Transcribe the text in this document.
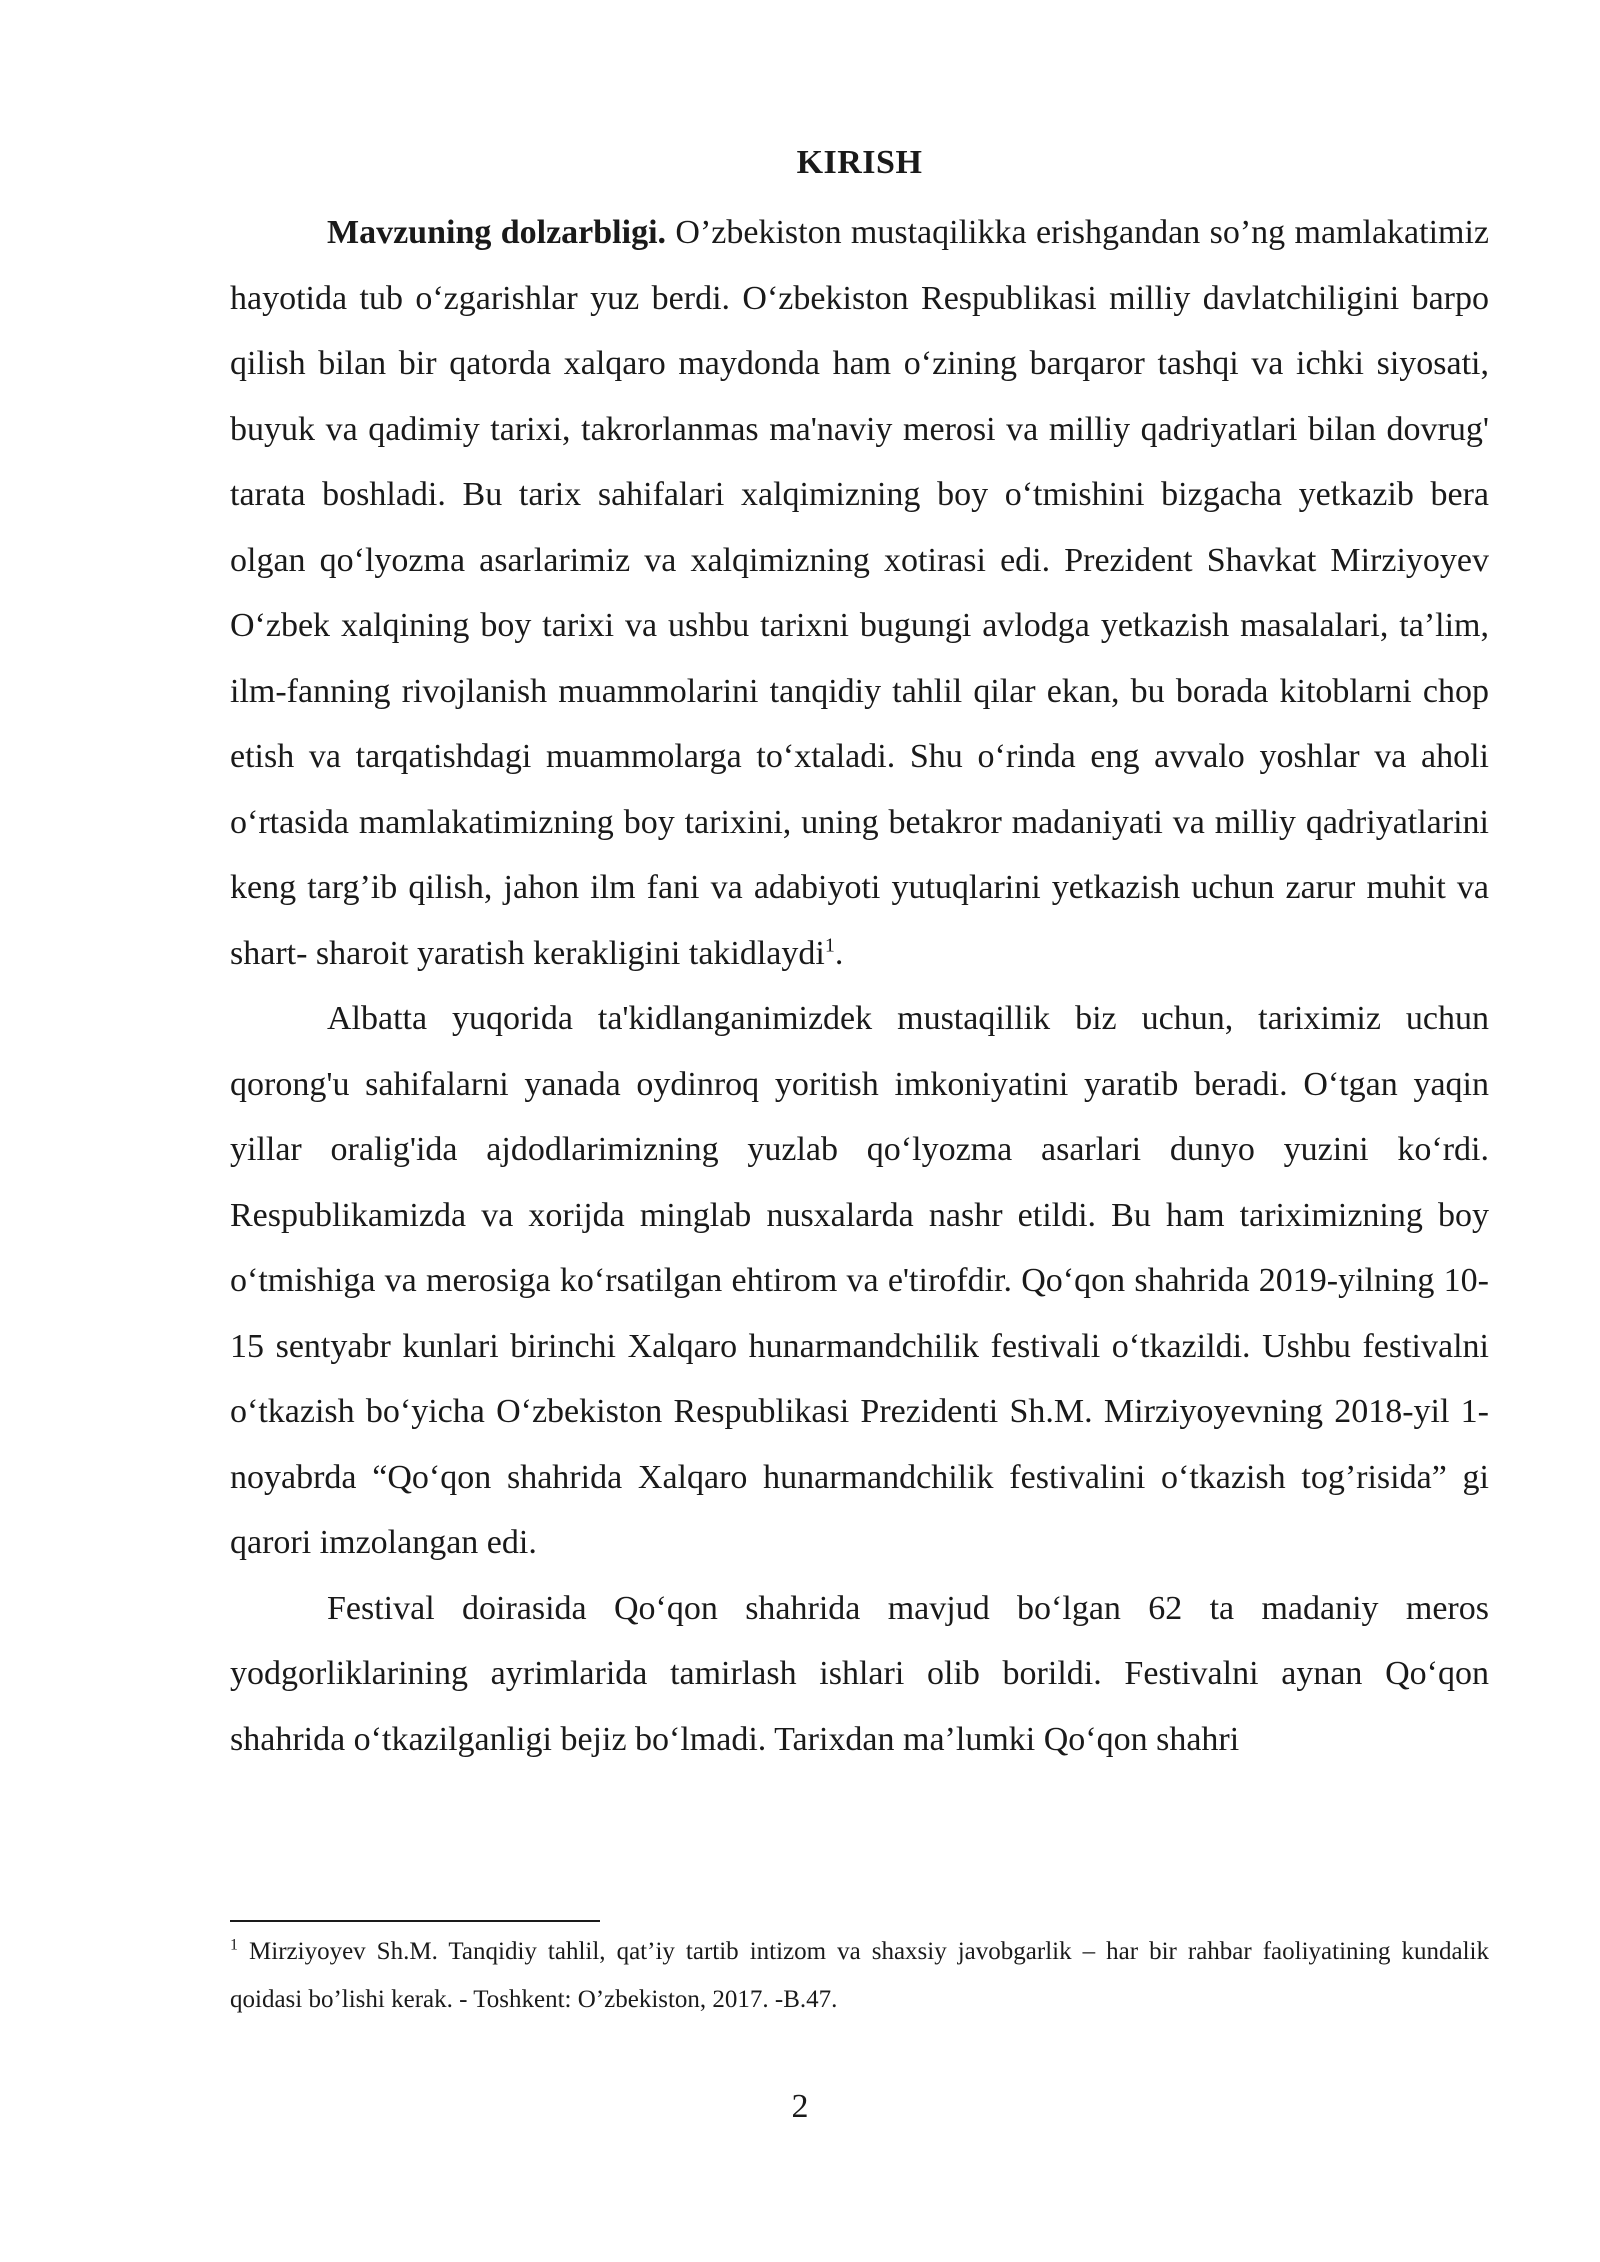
KIRISH

Mavzuning dolzarbligi. O’zbekiston mustaqilikka erishgandan so’ng mamlakatimiz hayotida tub o‘zgarishlar yuz berdi. O‘zbekiston Respublikasi milliy davlatchiligini barpo qilish bilan bir qatorda xalqaro maydonda ham o‘zining barqaror tashqi va ichki siyosati, buyuk va qadimiy tarixi, takrorlanmas ma'naviy merosi va milliy qadriyatlari bilan dovrug' tarata boshladi. Bu tarix sahifalari xalqimizning boy o‘tmishini bizgacha yetkazib bera olgan qo‘lyozma asarlarimiz va xalqimizning xotirasi edi. Prezident Shavkat Mirziyoyev O‘zbek xalqining boy tarixi va ushbu tarixni bugungi avlodga yetkazish masalalari, ta’lim, ilm-fanning rivojlanish muammolarini tanqidiy tahlil qilar ekan, bu borada kitoblarni chop etish va tarqatishdagi muammolarga to‘xtaladi. Shu o‘rinda eng avvalo yoshlar va aholi o‘rtasida mamlakatimizning boy tarixini, uning betakror madaniyati va milliy qadriyatlarini keng targ’ib qilish, jahon ilm fani va adabiyoti yutuqlarini yetkazish uchun zarur muhit va shart- sharoit yaratish kerakligini takidlaydi$^1$.

Albatta yuqorida ta'kidlanganimizdek mustaqillik biz uchun, tariximiz uchun qorong'u sahifalarni yanada oydinroq yoritish imkoniyatini yaratib beradi. O‘tgan yaqin yillar oralig'ida ajdodlarimizning yuzlab qo‘lyozma asarlari dunyo yuzini ko‘rdi. Respublikamizda va xorijda minglab nusxalarda nashr etildi. Bu ham tariximizning boy o‘tmishiga va merosiga ko‘rsatilgan ehtirom va e'tirofdir. Qo‘qon shahrida 2019-yilning 10-15 sentyabr kunlari birinchi Xalqaro hunarmandchilik festivali o‘tkazildi. Ushbu festivalni o‘tkazish bo‘yicha O‘zbekiston Respublikasi Prezidenti Sh.M. Mirziyoyevning 2018-yil 1-noyabrda “Qo‘qon shahrida Xalqaro hunarmandchilik festivalini o‘tkazish tog’risida” gi qarori imzolangan edi.

Festival doirasida Qo‘qon shahrida mavjud bo‘lgan 62 ta madaniy meros yodgorliklarining ayrimlarida tamirlash ishlari olib borildi. Festivalni aynan Qo‘qon shahrida o‘tkazilganligi bejiz bo‘lmadi. Tarixdan ma’lumki Qo‘qon shahri

$^1$ Mirziyoyev Sh.M. Tanqidiy tahlil, qat’iy tartib intizom va shaxsiy javobgarlik – har bir rahbar faoliyatining kundalik qoidasi bo’lishi kerak. - Toshkent: O’zbekiston, 2017. -B.47.

2
